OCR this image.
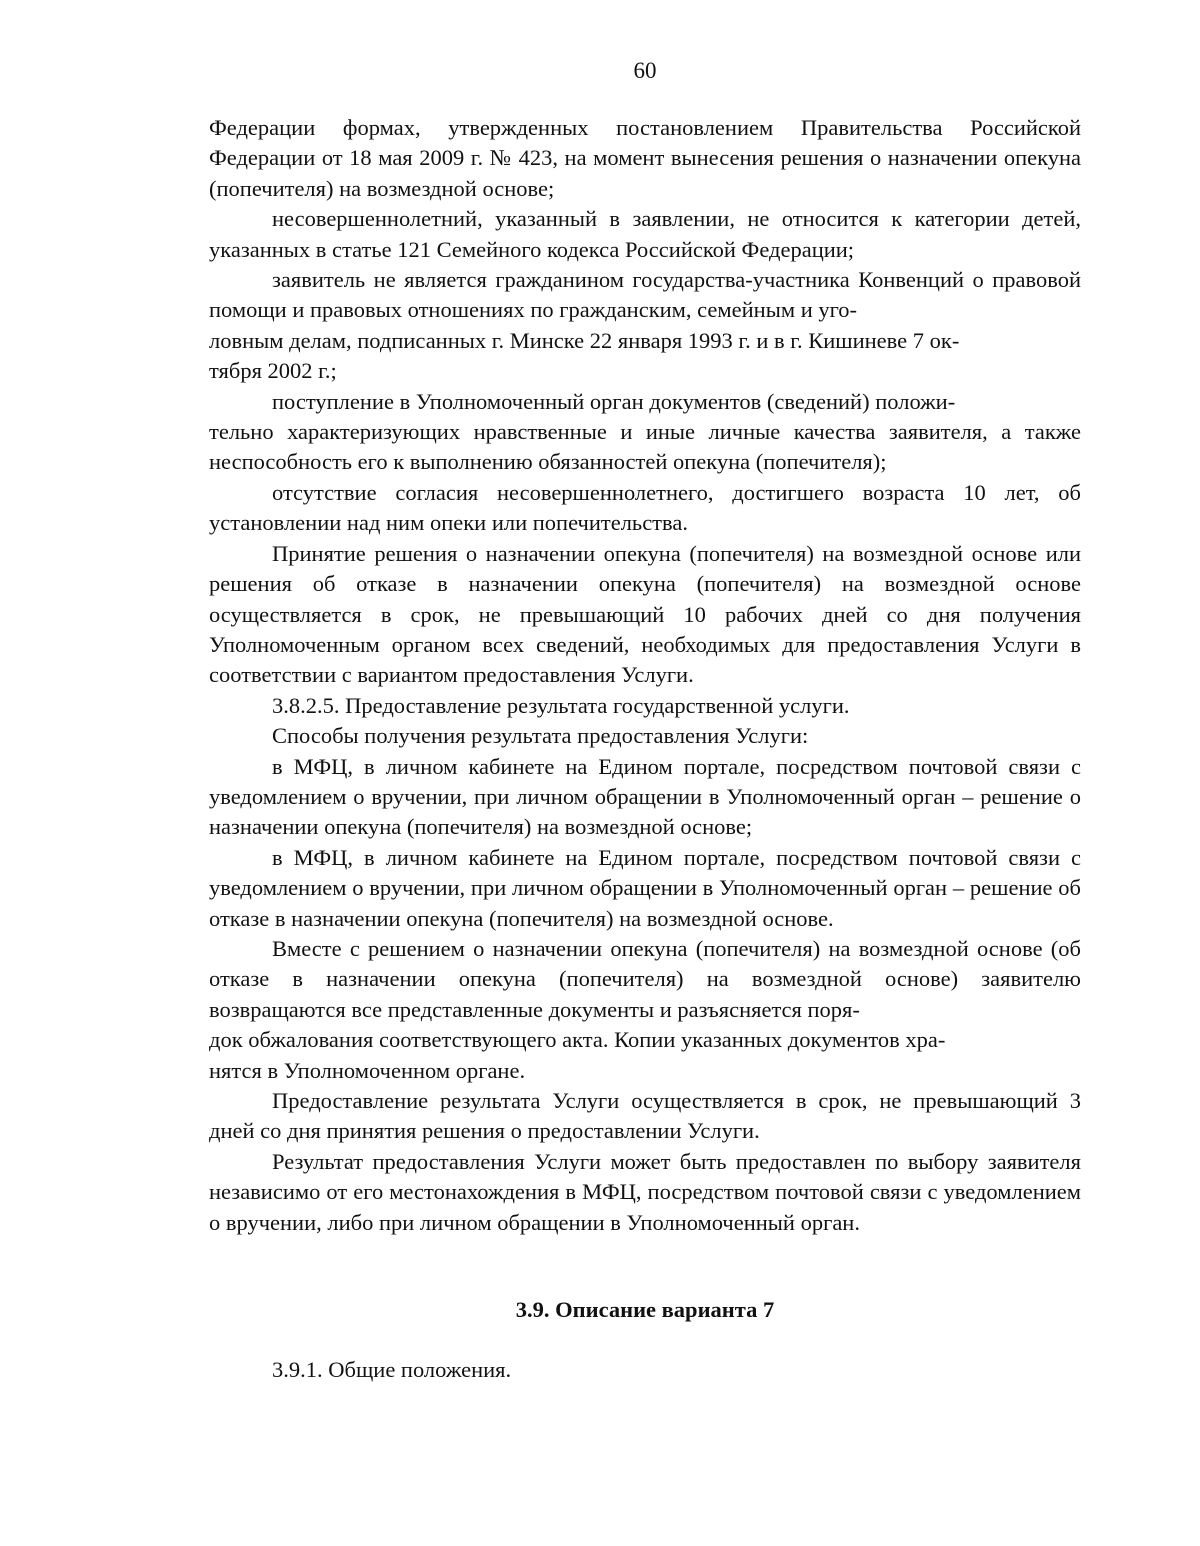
60

Федерации формах, утвержденных постановлением Правительства Российской Федерации от 18 мая 2009 г. № 423, на момент вынесения решения о назначении опекуна (попечителя) на возмездной основе;

несовершеннолетний, указанный в заявлении, не относится к категории детей, указанных в статье 121 Семейного кодекса Российской Федерации;

заявитель не является гражданином государства-участника Конвенций о правовой помощи и правовых отношениях по гражданским, семейным и уго-
ловным делам, подписанных г. Минске 22 января 1993 г. и в г. Кишиневе 7 ок-
тября 2002 г.;

поступление в Уполномоченный орган документов (сведений) положи-
тельно характеризующих нравственные и иные личные качества заявителя, а также неспособность его к выполнению обязанностей опекуна (попечителя);

отсутствие согласия несовершеннолетнего, достигшего возраста 10 лет, об установлении над ним опеки или попечительства.

Принятие решения о назначении опекуна (попечителя) на возмездной основе или решения об отказе в назначении опекуна (попечителя) на возмездной основе осуществляется в срок, не превышающий 10 рабочих дней со дня получения Уполномоченным органом всех сведений, необходимых для предоставления Услуги в соответствии с вариантом предоставления Услуги.

3.8.2.5. Предоставление результата государственной услуги.

Способы получения результата предоставления Услуги:

в МФЦ, в личном кабинете на Едином портале, посредством почтовой связи с уведомлением о вручении, при личном обращении в Уполномоченный орган – решение о назначении опекуна (попечителя) на возмездной основе;

в МФЦ, в личном кабинете на Едином портале, посредством почтовой связи с уведомлением о вручении, при личном обращении в Уполномоченный орган – решение об отказе в назначении опекуна (попечителя) на возмездной основе.

Вместе с решением о назначении опекуна (попечителя) на возмездной основе (об отказе в назначении опекуна (попечителя) на возмездной основе) заявителю возвращаются все представленные документы и разъясняется поря-
док обжалования соответствующего акта. Копии указанных документов хра-
нятся в Уполномоченном органе.

Предоставление результата Услуги осуществляется в срок, не превышающий 3 дней со дня принятия решения о предоставлении Услуги.

Результат предоставления Услуги может быть предоставлен по выбору заявителя независимо от его местонахождения в МФЦ, посредством почтовой связи с уведомлением о вручении, либо при личном обращении в Уполномоченный орган.

3.9. Описание варианта 7
3.9.1. Общие положения.
